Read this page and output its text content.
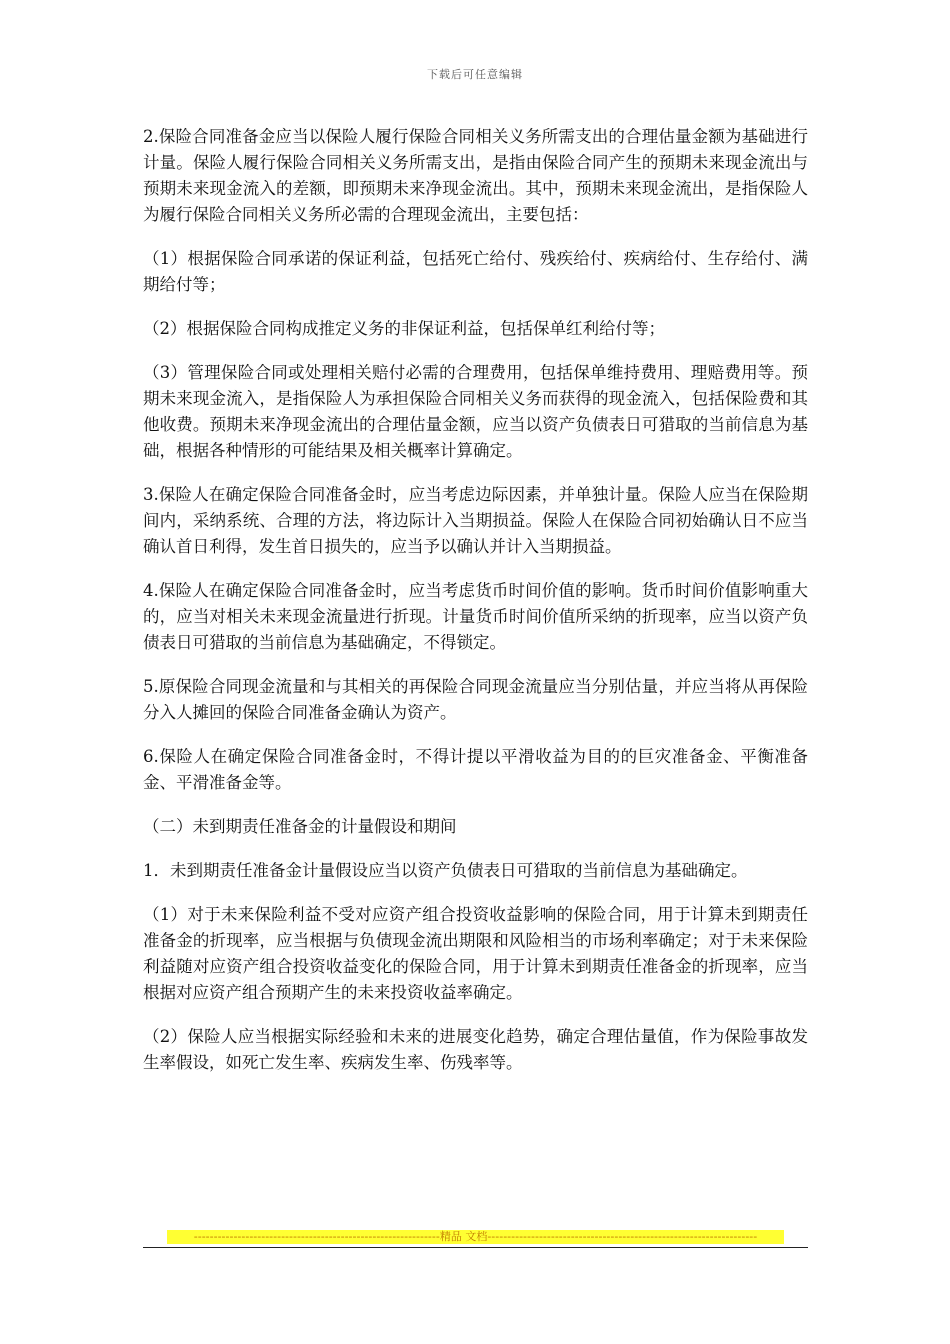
下载后可任意编辑

2.保险合同准备金应当以保险人履行保险合同相关义务所需支出的合理估量金额为基础进行计量。保险人履行保险合同相关义务所需支出，是指由保险合同产生的预期未来现金流出与预期未来现金流入的差额，即预期未来净现金流出。其中，预期未来现金流出，是指保险人为履行保险合同相关义务所必需的合理现金流出，主要包括：

（1）根据保险合同承诺的保证利益，包括死亡给付、残疾给付、疾病给付、生存给付、满期给付等；

（2）根据保险合同构成推定义务的非保证利益，包括保单红利给付等；

（3）管理保险合同或处理相关赔付必需的合理费用，包括保单维持费用、理赔费用等。预期未来现金流入，是指保险人为承担保险合同相关义务而获得的现金流入，包括保险费和其他收费。预期未来净现金流出的合理估量金额，应当以资产负债表日可猎取的当前信息为基础，根据各种情形的可能结果及相关概率计算确定。

3.保险人在确定保险合同准备金时，应当考虑边际因素，并单独计量。保险人应当在保险期间内，采纳系统、合理的方法，将边际计入当期损益。保险人在保险合同初始确认日不应当确认首日利得，发生首日损失的，应当予以确认并计入当期损益。

4.保险人在确定保险合同准备金时，应当考虑货币时间价值的影响。货币时间价值影响重大的，应当对相关未来现金流量进行折现。计量货币时间价值所采纳的折现率，应当以资产负债表日可猎取的当前信息为基础确定，不得锁定。

5.原保险合同现金流量和与其相关的再保险合同现金流量应当分别估量，并应当将从再保险分入人摊回的保险合同准备金确认为资产。

6.保险人在确定保险合同准备金时，不得计提以平滑收益为目的的巨灾准备金、平衡准备金、平滑准备金等。

（二）未到期责任准备金的计量假设和期间

1．未到期责任准备金计量假设应当以资产负债表日可猎取的当前信息为基础确定。

（1）对于未来保险利益不受对应资产组合投资收益影响的保险合同，用于计算未到期责任准备金的折现率，应当根据与负债现金流出期限和风险相当的市场利率确定；对于未来保险利益随对应资产组合投资收益变化的保险合同，用于计算未到期责任准备金的折现率，应当根据对应资产组合预期产生的未来投资收益率确定。

（2）保险人应当根据实际经验和未来的进展变化趋势，确定合理估量值，作为保险事故发生率假设，如死亡发生率、疾病发生率、伤残率等。

--------------------------------------------------------------精品 文档--------------------------------------------------------------------
